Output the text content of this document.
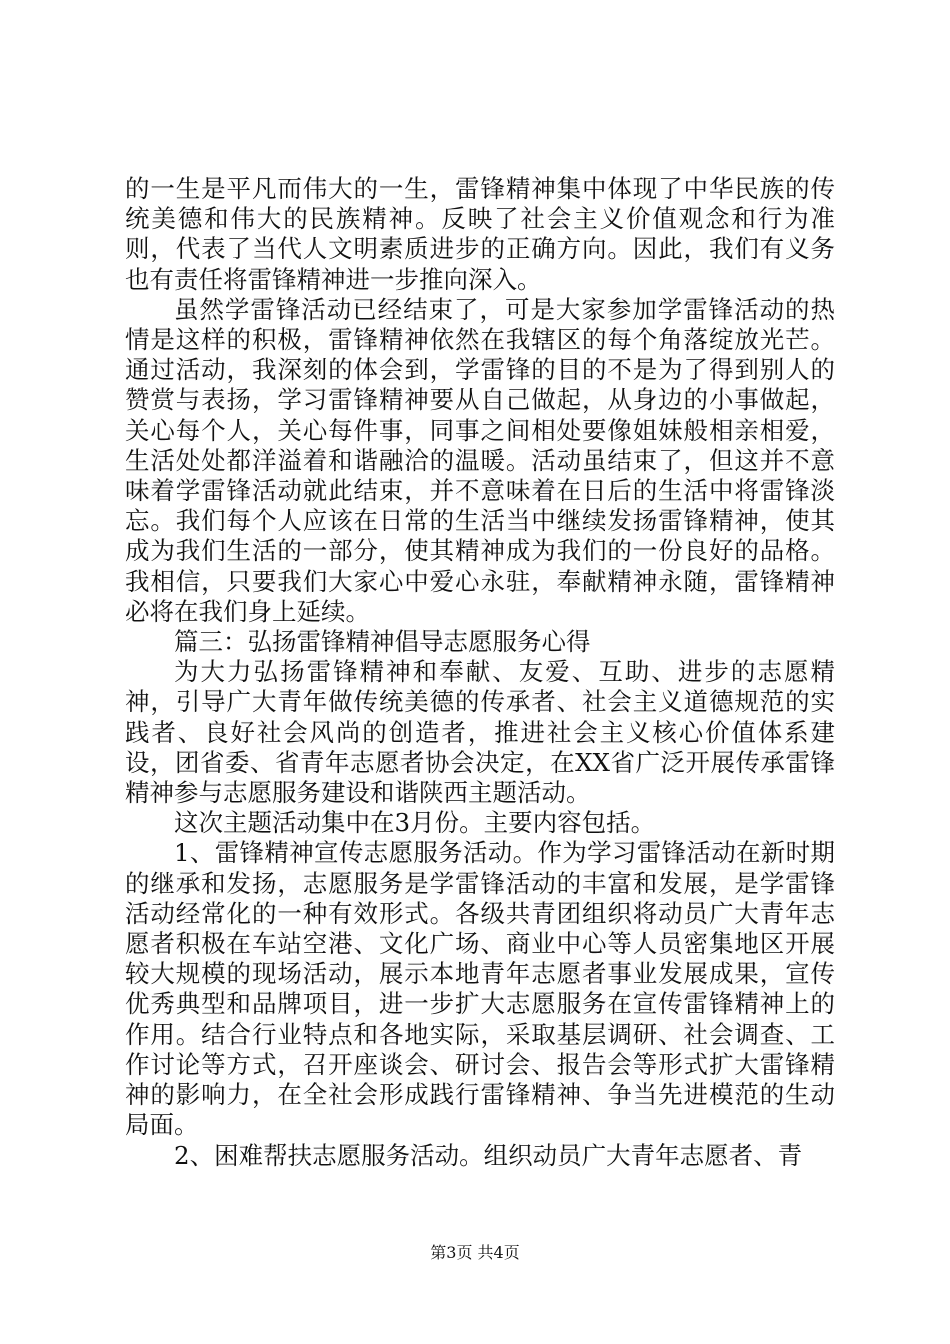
的一生是平凡而伟大的一生，雷锋精神集中体现了中华民族的传统美德和伟大的民族精神。反映了社会主义价值观念和行为准则，代表了当代人文明素质进步的正确方向。因此，我们有义务也有责任将雷锋精神进一步推向深入。

虽然学雷锋活动已经结束了，可是大家参加学雷锋活动的热情是这样的积极，雷锋精神依然在我辖区的每个角落绽放光芒。通过活动，我深刻的体会到，学雷锋的目的不是为了得到别人的赞赏与表扬，学习雷锋精神要从自己做起，从身边的小事做起，关心每个人，关心每件事，同事之间相处要像姐妹般相亲相爱，生活处处都洋溢着和谐融洽的温暖。活动虽结束了，但这并不意味着学雷锋活动就此结束，并不意味着在日后的生活中将雷锋淡忘。我们每个人应该在日常的生活当中继续发扬雷锋精神，使其成为我们生活的一部分，使其精神成为我们的一份良好的品格。我相信，只要我们大家心中爱心永驻，奉献精神永随，雷锋精神必将在我们身上延续。

篇三：弘扬雷锋精神倡导志愿服务心得

为大力弘扬雷锋精神和奉献、友爱、互助、进步的志愿精神，引导广大青年做传统美德的传承者、社会主义道德规范的实践者、良好社会风尚的创造者，推进社会主义核心价值体系建设，团省委、省青年志愿者协会决定，在XX省广泛开展传承雷锋精神参与志愿服务建设和谐陕西主题活动。

这次主题活动集中在3月份。主要内容包括。

1、雷锋精神宣传志愿服务活动。作为学习雷锋活动在新时期的继承和发扬，志愿服务是学雷锋活动的丰富和发展，是学雷锋活动经常化的一种有效形式。各级共青团组织将动员广大青年志愿者积极在车站空港、文化广场、商业中心等人员密集地区开展较大规模的现场活动，展示本地青年志愿者事业发展成果，宣传优秀典型和品牌项目，进一步扩大志愿服务在宣传雷锋精神上的作用。结合行业特点和各地实际，采取基层调研、社会调查、工作讨论等方式，召开座谈会、研讨会、报告会等形式扩大雷锋精神的影响力，在全社会形成践行雷锋精神、争当先进模范的生动局面。

2、困难帮扶志愿服务活动。组织动员广大青年志愿者、青

第3页 共4页
